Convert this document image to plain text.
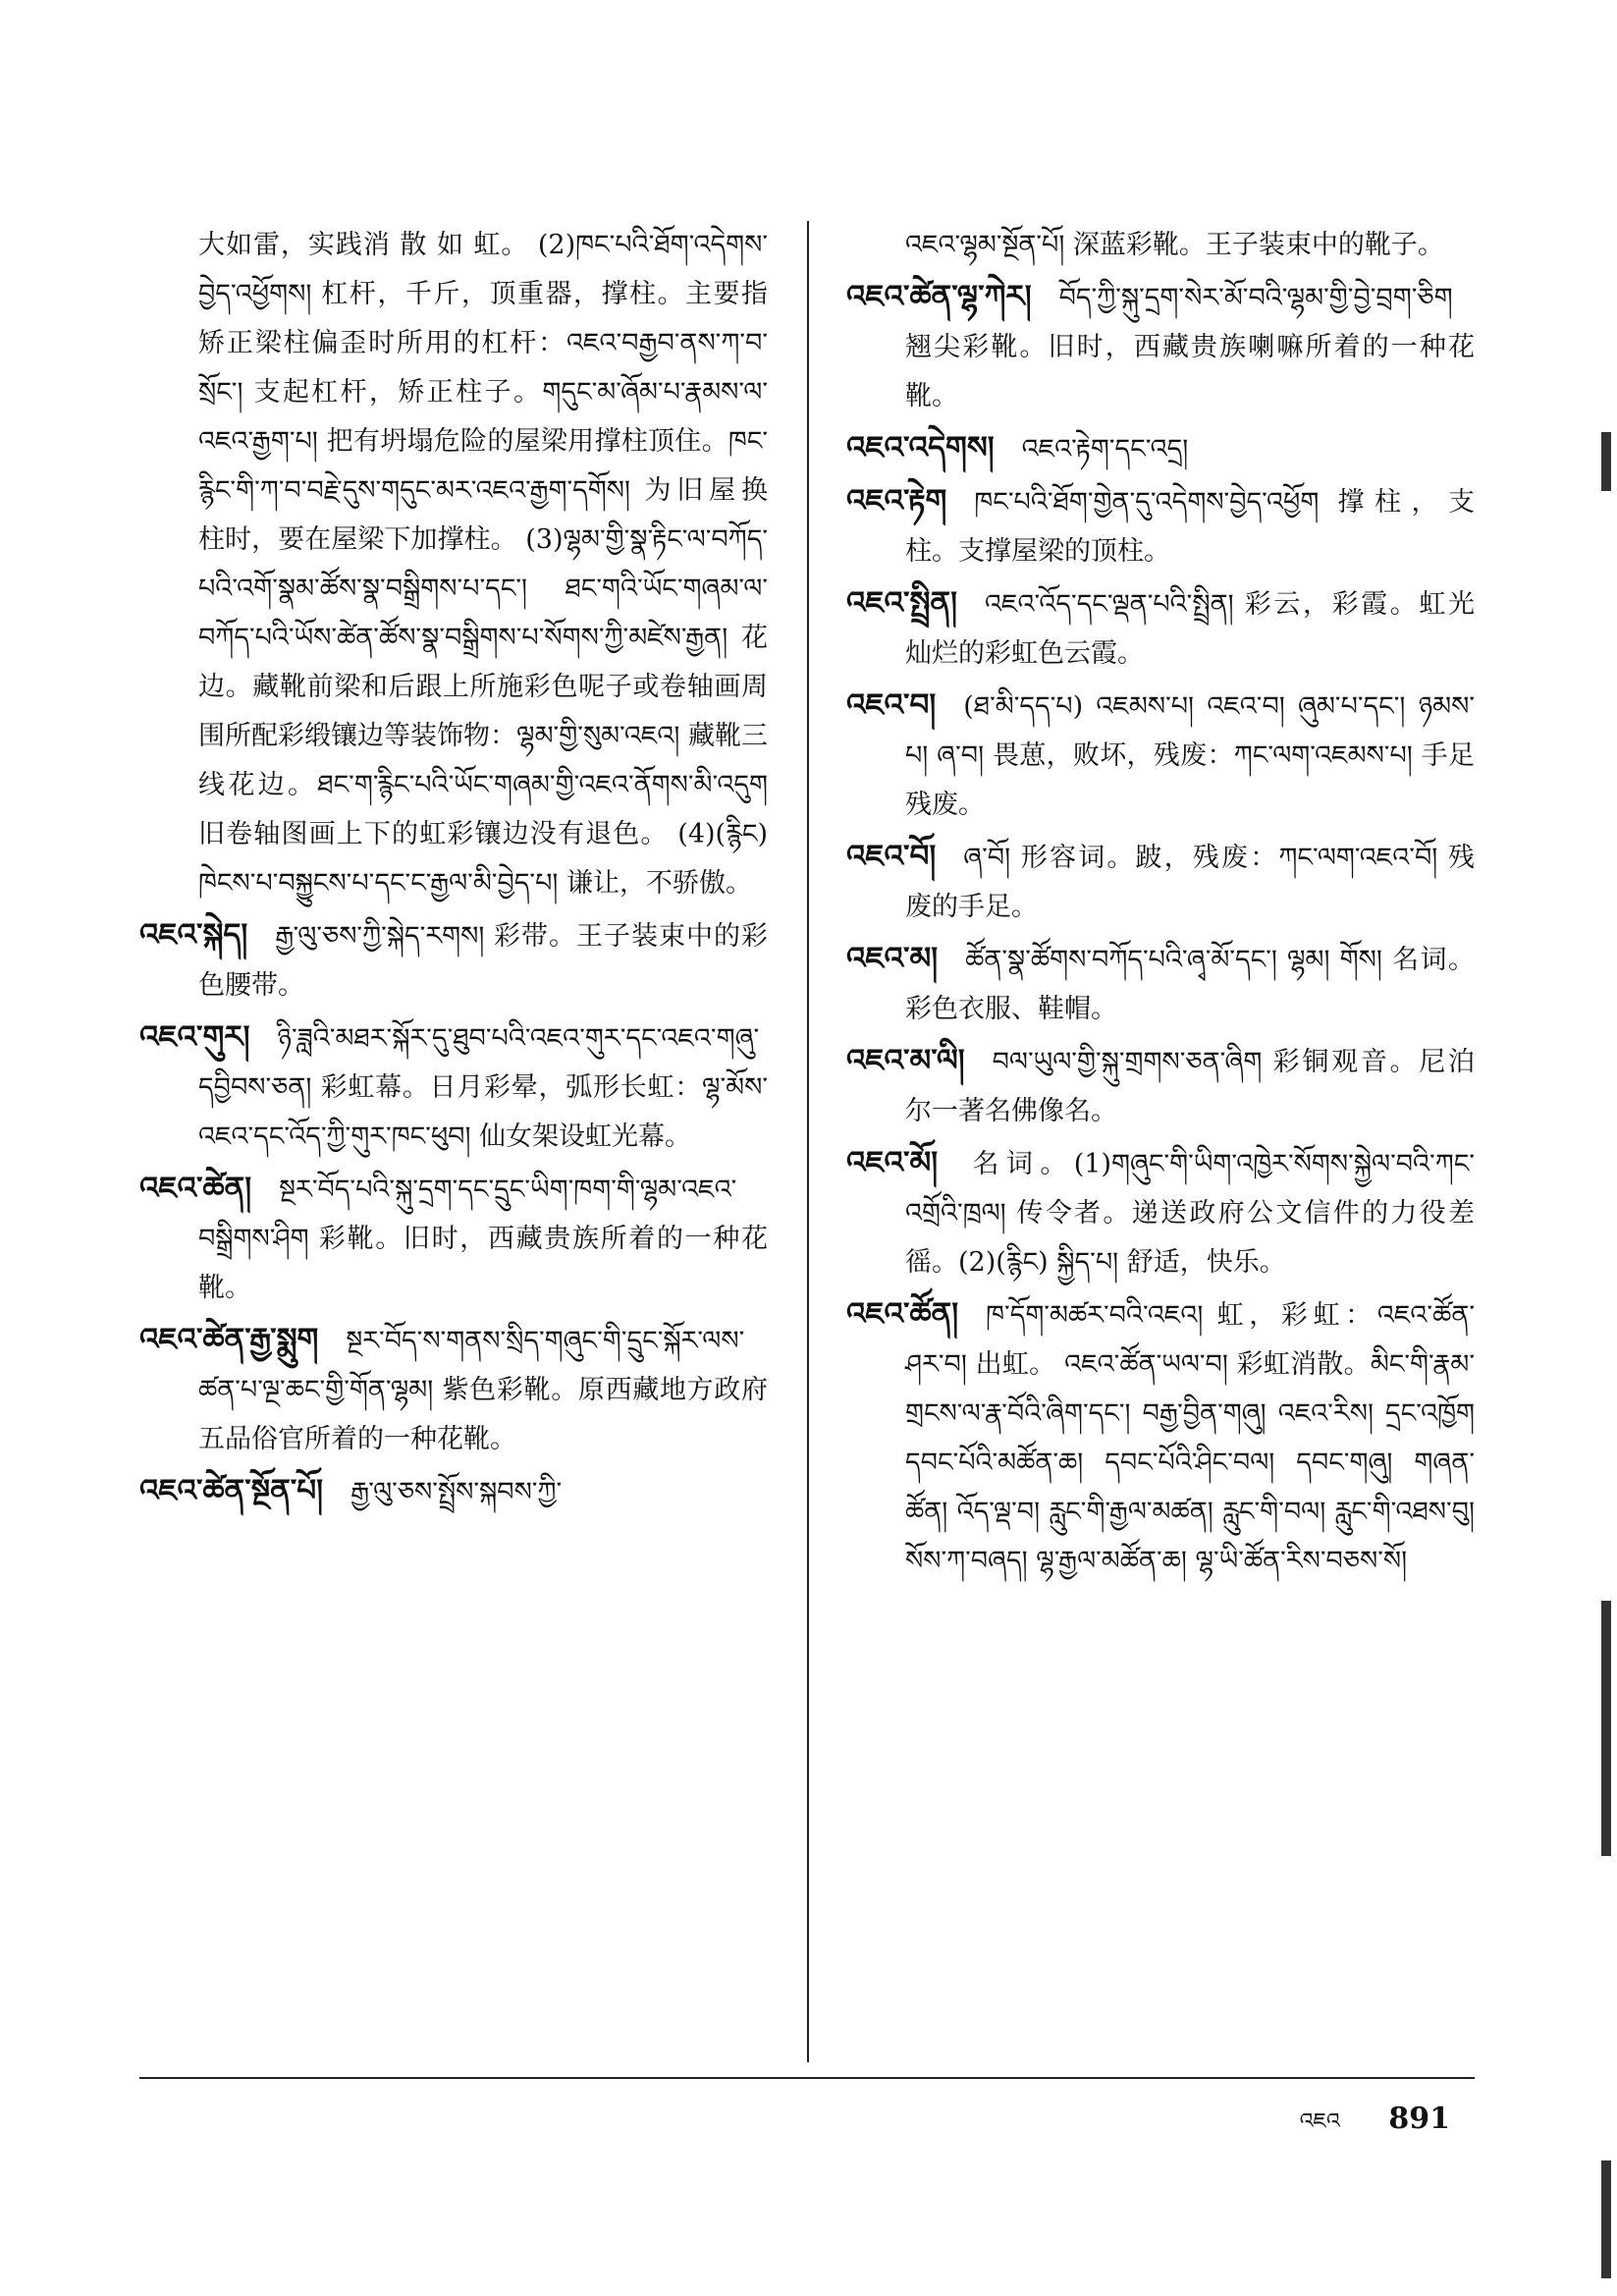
大如雷，实践消 散 如 虹。 (2)ཁང་པའི་ཐོག་འདེགས་བྱེད་འཕྱོགས། 杠杆，千斤，顶重器，撑柱。主要指矫正梁柱偏歪时所用的杠杆：འཇའ་བརྒྱབ་ནས་ཀ་བ་སྲོང་། 支起杠杆，矫正柱子。གདུང་མ་ཞོམ་པ་རྣམས་ལ་འཇའ་རྒྱག་པ། 把有坍塌危险的屋梁用撑柱顶住。ཁང་རྙིང་གི་ཀ་བ་བརྗེ་དུས་གདུང་མར་འཇའ་རྒྱག་དགོས། 为旧屋换柱时，要在屋梁下加撑柱。 (3)ལྷམ་གྱི་སྣ་རྟིང་ལ་བཀོད་པའི་འགོ་སྣམ་ཚོས་སྣ་བསྒྲིགས་པ་དང་། ཐང་གའི་ཡོང་གཞམ་ལ་བཀོད་པའི་ཡོས་ཚེན་ཚོས་སྣ་བསྒྲིགས་པ་སོགས་ཀྱི་མཛེས་རྒྱན། 花边。藏靴前梁和后跟上所施彩色呢子或卷轴画周围所配彩缎镶边等装饰物：ལྷམ་གྱི་སུམ་འཇའ། 藏靴三线花边。ཐང་ག་རྙིང་པའི་ཡོང་གཞམ་གྱི་འཇའ་ནོགས་མི་འདུག 旧卷轴图画上下的虹彩镶边没有退色。 (4)(རྙིང) ཁེངས་པ་བསྐྱུངས་པ་དང་ང་རྒྱལ་མི་བྱེད་པ། 谦让，不骄傲。

འཇའ་སྐེད། རྒྱ་ལུ་ཅས་ཀྱི་སྐེད་རགས། 彩带。王子装束中的彩色腰带。

འཇའ་གུར། ཉི་ཟླའི་མཐར་སྐོར་དུ་ཐུབ་པའི་འཇའ་གུར་དང་འཇའ་གཞུ་དབྱིབས་ཅན། 彩虹幕。日月彩晕，弧形长虹：ལྷ་མོས་འཇའ་དང་འོད་ཀྱི་གུར་ཁང་ཕུབ། 仙女架设虹光幕。

འཇའ་ཚེན། སྔར་བོད་པའི་སྐུ་དྲག་དང་དྲུང་ཡིག་ཁག་གི་ལྷམ་འཇའ་བསྒྲིགས་ཤིག 彩靴。旧时，西藏贵族所着的一种花靴。

འཇའ་ཚེན་རྒྱ་སྨུག སྔར་བོད་ས་གནས་སྲིད་གཞུང་གི་དྲུང་སྐོར་ལས་ཚན་པ་ལྔ་ཆང་གྱི་གོན་ལྷམ། 紫色彩靴。原西藏地方政府五品俗官所着的一种花靴。

འཇའ་ཚེན་སྔོན་པོ། རྒྱ་ལུ་ཅས་སྤྲོས་སྐབས་ཀྱི་

འཇའ་ལྷམ་སྔོན་པོ། 深蓝彩靴。王子装束中的靴子。

འཇའ་ཚེན་ལྷ་ཀེར། བོད་ཀྱི་སྐུ་དྲག་སེར་མོ་བའི་ལྷམ་གྱི་བྱེ་བྲག་ཅིག 翘尖彩靴。旧时，西藏贵族喇嘛所着的一种花靴。

འཇའ་འདེགས། འཇའ་རྟེག་དང་འདྲ།

འཇའ་རྟེག ཁང་པའི་ཐོག་གྱེན་དུ་འདེགས་བྱེད་འཕྱོག 撑柱，支柱。支撑屋梁的顶柱。

འཇའ་སྤྲིན། འཇའ་འོད་དང་ལྡན་པའི་སྤྲིན། 彩云，彩霞。虹光灿烂的彩虹色云霞。

འཇའ་བ། (ཐ་མི་དད་པ) འཇམས་པ། འཇའ་བ། ཞུམ་པ་དང་། ཉམས་པ། ཞ་བ། 畏葸，败坏，残废：ཀང་ལག་འཇམས་པ། 手足残废。

འཇའ་བོ། ཞ་བོ། 形容词。跛，残废：ཀང་ལག་འཇའ་བོ། 残废的手足。

འཇའ་མ། ཚོན་སྣ་ཚོགས་བཀོད་པའི་ཞྭ་མོ་དང་། ལྷམ། གོས། 名词。彩色衣服、鞋帽。

འཇའ་མ་ལི། བལ་ཡུལ་གྱི་སྐུ་གྲགས་ཅན་ཞིག 彩铜观音。尼泊尔一著名佛像名。

འཇའ་མོ། 名词。(1)གཞུང་གི་ཡིག་འཁྱེར་སོགས་སྐྱེལ་བའི་ཀང་འགྲོའི་ཁྲལ། 传令者。递送政府公文信件的力役差徭。(2)(རྙིང) སྐྱིད་པ། 舒适，快乐。

འཇའ་ཚོན། ཁ་དོག་མཚར་བའི་འཇའ། 虹，彩虹：འཇའ་ཚོན་ཤར་བ། 出虹。 འཇའ་ཚོན་ཡལ་བ། 彩虹消散。མིང་གི་རྣམ་གྲངས་ལ་རྣ་བོའི་ཞིག་དང་། བརྒྱ་བྱིན་གཞུ། འཇའ་རིས། དྲང་འཁྱོག དབང་པོའི་མཚོན་ཆ། དབང་པོའི་ཤིང་བལ། དབང་གཞུ། གཞན་ཚོན། འོད་ལྡ་བ། རླུང་གི་རྒྱལ་མཚན། རླུང་གི་བལ། རླུང་གི་འཐས་བུ། སོས་ཀ་བཞད། ལྷ་རྒྱལ་མཚོན་ཆ། ལྷ་ཡི་ཚོན་རིས་བཅས་སོ།

འཇའ 891
